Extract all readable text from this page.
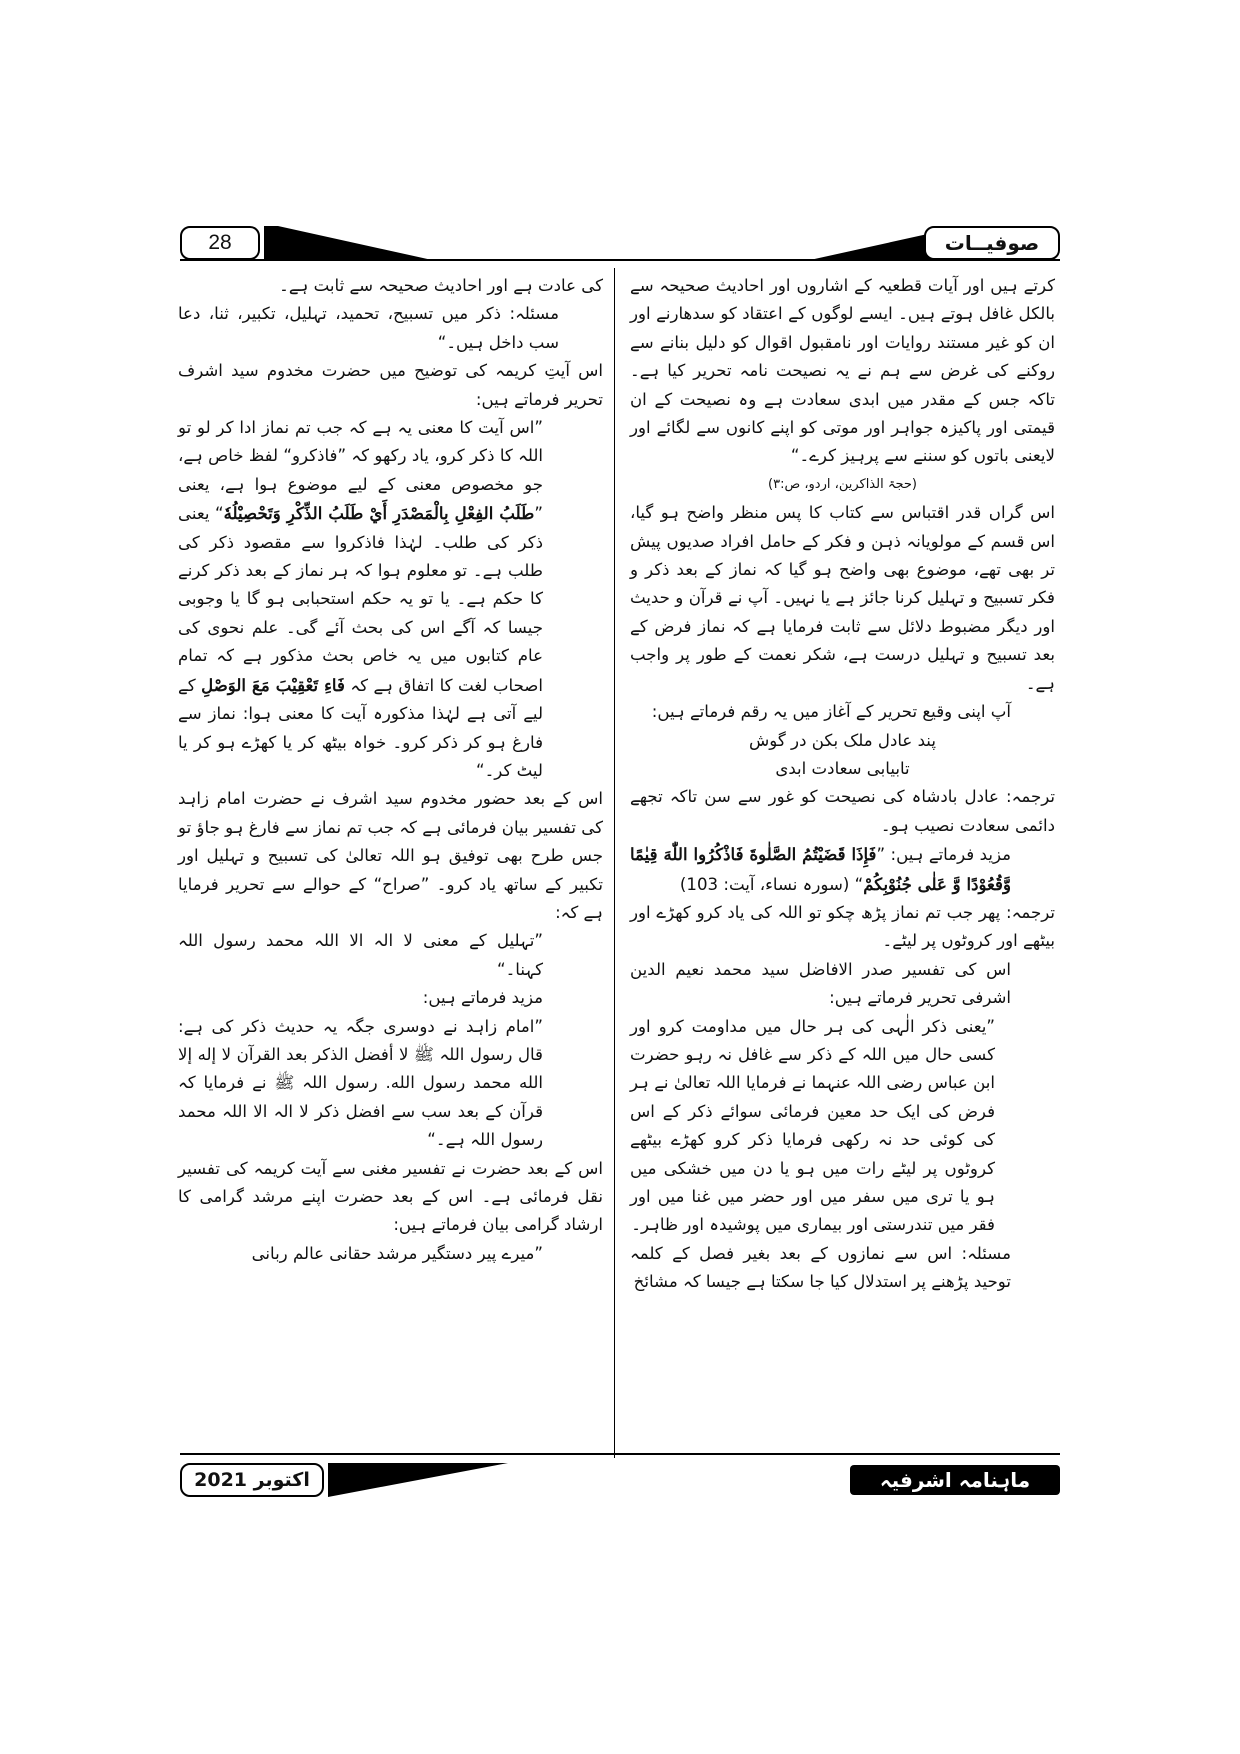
28	صوفیــات

کرتے ہیں اور آیات قطعیہ کے اشاروں اور احادیث صحیحہ سے بالکل غافل ہوتے ہیں۔ ایسے لوگوں کے اعتقاد کو سدھارنے اور ان کو غیر مستند روایات اور نامقبول اقوال کو دلیل بنانے سے روکنے کی غرض سے ہم نے یہ نصیحت نامہ تحریر کیا ہے۔ تاکہ جس کے مقدر میں ابدی سعادت ہے وہ نصیحت کے ان قیمتی اور پاکیزہ جواہر اور موتی کو اپنے کانوں سے لگائے اور لایعنی باتوں کو سننے سے پرہیز کرے۔“

(حجۃ الذاکرین، اردو، ص:۳)

اس گراں قدر اقتباس سے کتاب کا پس منظر واضح ہو گیا، اس قسم کے مولویانہ ذہن و فکر کے حامل افراد صدیوں پیش تر بھی تھے، موضوع بھی واضح ہو گیا کہ نماز کے بعد ذکر و فکر تسبیح و تہلیل کرنا جائز ہے یا نہیں۔ آپ نے قرآن و حدیث اور دیگر مضبوط دلائل سے ثابت فرمایا ہے کہ نماز فرض کے بعد تسبیح و تہلیل درست ہے، شکر نعمت کے طور پر واجب ہے۔

آپ اپنی وقیع تحریر کے آغاز میں یہ رقم فرماتے ہیں:

پند عادل ملک بکن در گوش

تابیابی سعادت ابدی

ترجمہ: عادل بادشاہ کی نصیحت کو غور سے سن تاکہ تجھے دائمی سعادت نصیب ہو۔

مزید فرماتے ہیں: ”فَإِذَا قَضَيْتُمُ الصَّلٰوةَ فَاذْكُرُوا اللّٰهَ قِيٰمًا وَّقُعُوْدًا وَّ عَلٰى جُنُوْبِكُمْ“ (سورہ نساء، آیت: 103)

ترجمہ: پھر جب تم نماز پڑھ چکو تو اللہ کی یاد کرو کھڑے اور بیٹھے اور کروٹوں پر لیٹے۔

اس کی تفسیر صدر الافاضل سید محمد نعیم الدین اشرفی تحریر فرماتے ہیں:

”یعنی ذکر الٰہی کی ہر حال میں مداومت کرو اور کسی حال میں اللہ کے ذکر سے غافل نہ رہو حضرت ابن عباس رضی اللہ عنہما نے فرمایا اللہ تعالیٰ نے ہر فرض کی ایک حد معین فرمائی سوائے ذکر کے اس کی کوئی حد نہ رکھی فرمایا ذکر کرو کھڑے بیٹھے کروٹوں پر لیٹے رات میں ہو یا دن میں خشکی میں ہو یا تری میں سفر میں اور حضر میں غنا میں اور فقر میں تندرستی اور بیماری میں پوشیدہ اور ظاہر۔

مسئلہ: اس سے نمازوں کے بعد بغیر فصل کے کلمہ توحید پڑھنے پر استدلال کیا جا سکتا ہے جیسا کہ مشائخ

کی عادت ہے اور احادیث صحیحہ سے ثابت ہے۔

مسئلہ: ذکر میں تسبیح، تحمید، تہلیل، تکبیر، ثنا، دعا سب داخل ہیں۔“

اس آیتِ کریمہ کی توضیح میں حضرت مخدوم سید اشرف تحریر فرماتے ہیں:

”اس آیت کا معنی یہ ہے کہ جب تم نماز ادا کر لو تو اللہ کا ذکر کرو، یاد رکھو کہ ”فاذکرو“ لفظ خاص ہے، جو مخصوص معنی کے لیے موضوع ہوا ہے، یعنی ”طَلَبُ الفِعْلِ بِالْمَصْدَرِ أَيْ طَلَبُ الذِّكْرِ وَتَحْصِيْلُهٗ“ یعنی ذکر کی طلب۔ لہٰذا فاذکروا سے مقصود ذکر کی طلب ہے۔ تو معلوم ہوا کہ ہر نماز کے بعد ذکر کرنے کا حکم ہے۔ یا تو یہ حکم استحبابی ہو گا یا وجوبی جیسا کہ آگے اس کی بحث آئے گی۔ علم نحوی کی عام کتابوں میں یہ خاص بحث مذکور ہے کہ تمام اصحاب لغت کا اتفاق ہے کہ فَاءِ تَعْقِيْبَ مَعَ الوَصْلِ کے لیے آتی ہے لہٰذا مذکورہ آیت کا معنی ہوا: نماز سے فارغ ہو کر ذکر کرو۔ خواہ بیٹھ کر یا کھڑے ہو کر یا لیٹ کر۔“

اس کے بعد حضور مخدوم سید اشرف نے حضرت امام زاہد کی تفسیر بیان فرمائی ہے کہ جب تم نماز سے فارغ ہو جاؤ تو جس طرح بھی توفیق ہو اللہ تعالیٰ کی تسبیح و تہلیل اور تکبیر کے ساتھ یاد کرو۔ ”صراح“ کے حوالے سے تحریر فرمایا ہے کہ:

”تہلیل کے معنی لا الہ الا اللہ محمد رسول اللہ کہنا۔“

مزید فرماتے ہیں:

”امام زاہد نے دوسری جگہ یہ حدیث ذکر کی ہے: قال رسول اللہ ﷺ لا أفضل الذكر بعد القرآن لا إله إلا الله محمد رسول الله. رسول اللہ ﷺ نے فرمایا کہ قرآن کے بعد سب سے افضل ذکر لا الہ الا اللہ محمد رسول اللہ ہے۔“

اس کے بعد حضرت نے تفسیر مغنی سے آیت کریمہ کی تفسیر نقل فرمائی ہے۔ اس کے بعد حضرت اپنے مرشد گرامی کا ارشاد گرامی بیان فرماتے ہیں:

”میرے پیر دستگیر مرشد حقانی عالم ربانی

اکتوبر 2021	ماہنامہ اشرفیہ
